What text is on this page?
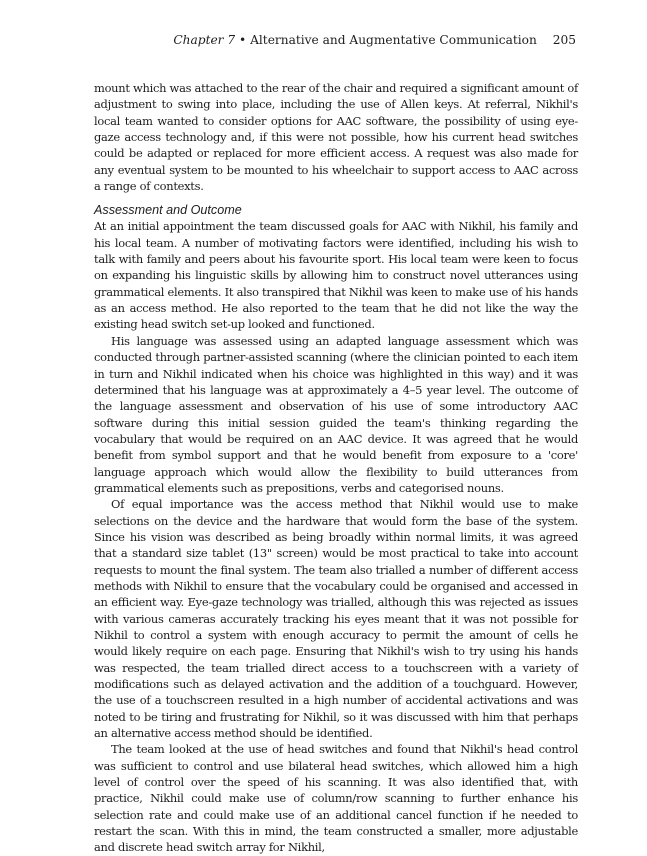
Chapter 7 • Alternative and Augmentative Communication 205

mount which was attached to the rear of the chair and required a significant amount of adjustment to swing into place, including the use of Allen keys. At referral, Nikhil's local team wanted to consider options for AAC software, the possibility of using eye-gaze access technology and, if this were not possible, how his current head switches could be adapted or replaced for more efficient access. A request was also made for any eventual system to be mounted to his wheelchair to support access to AAC across a range of contexts.

Assessment and Outcome

At an initial appointment the team discussed goals for AAC with Nikhil, his family and his local team. A number of motivating factors were identified, including his wish to talk with family and peers about his favourite sport. His local team were keen to focus on expanding his linguistic skills by allowing him to construct novel utterances using grammatical elements. It also transpired that Nikhil was keen to make use of his hands as an access method. He also reported to the team that he did not like the way the existing head switch set-up looked and functioned.

His language was assessed using an adapted language assessment which was conducted through partner-assisted scanning (where the clinician pointed to each item in turn and Nikhil indicated when his choice was highlighted in this way) and it was determined that his language was at approximately a 4–5 year level. The outcome of the language assessment and observation of his use of some introductory AAC software during this initial session guided the team's thinking regarding the vocabulary that would be required on an AAC device. It was agreed that he would benefit from symbol support and that he would benefit from exposure to a 'core' language approach which would allow the flexibility to build utterances from grammatical elements such as prepositions, verbs and categorised nouns.

Of equal importance was the access method that Nikhil would use to make selections on the device and the hardware that would form the base of the system. Since his vision was described as being broadly within normal limits, it was agreed that a standard size tablet (13" screen) would be most practical to take into account requests to mount the final system. The team also trialled a number of different access methods with Nikhil to ensure that the vocabulary could be organised and accessed in an efficient way. Eye-gaze technology was trialled, although this was rejected as issues with various cameras accurately tracking his eyes meant that it was not possible for Nikhil to control a system with enough accuracy to permit the amount of cells he would likely require on each page. Ensuring that Nikhil's wish to try using his hands was respected, the team trialled direct access to a touchscreen with a variety of modifications such as delayed activation and the addition of a touchguard. However, the use of a touchscreen resulted in a high number of accidental activations and was noted to be tiring and frustrating for Nikhil, so it was discussed with him that perhaps an alternative access method should be identified.

The team looked at the use of head switches and found that Nikhil's head control was sufficient to control and use bilateral head switches, which allowed him a high level of control over the speed of his scanning. It was also identified that, with practice, Nikhil could make use of column/row scanning to further enhance his selection rate and could make use of an additional cancel function if he needed to restart the scan. With this in mind, the team constructed a smaller, more adjustable and discrete head switch array for Nikhil,
